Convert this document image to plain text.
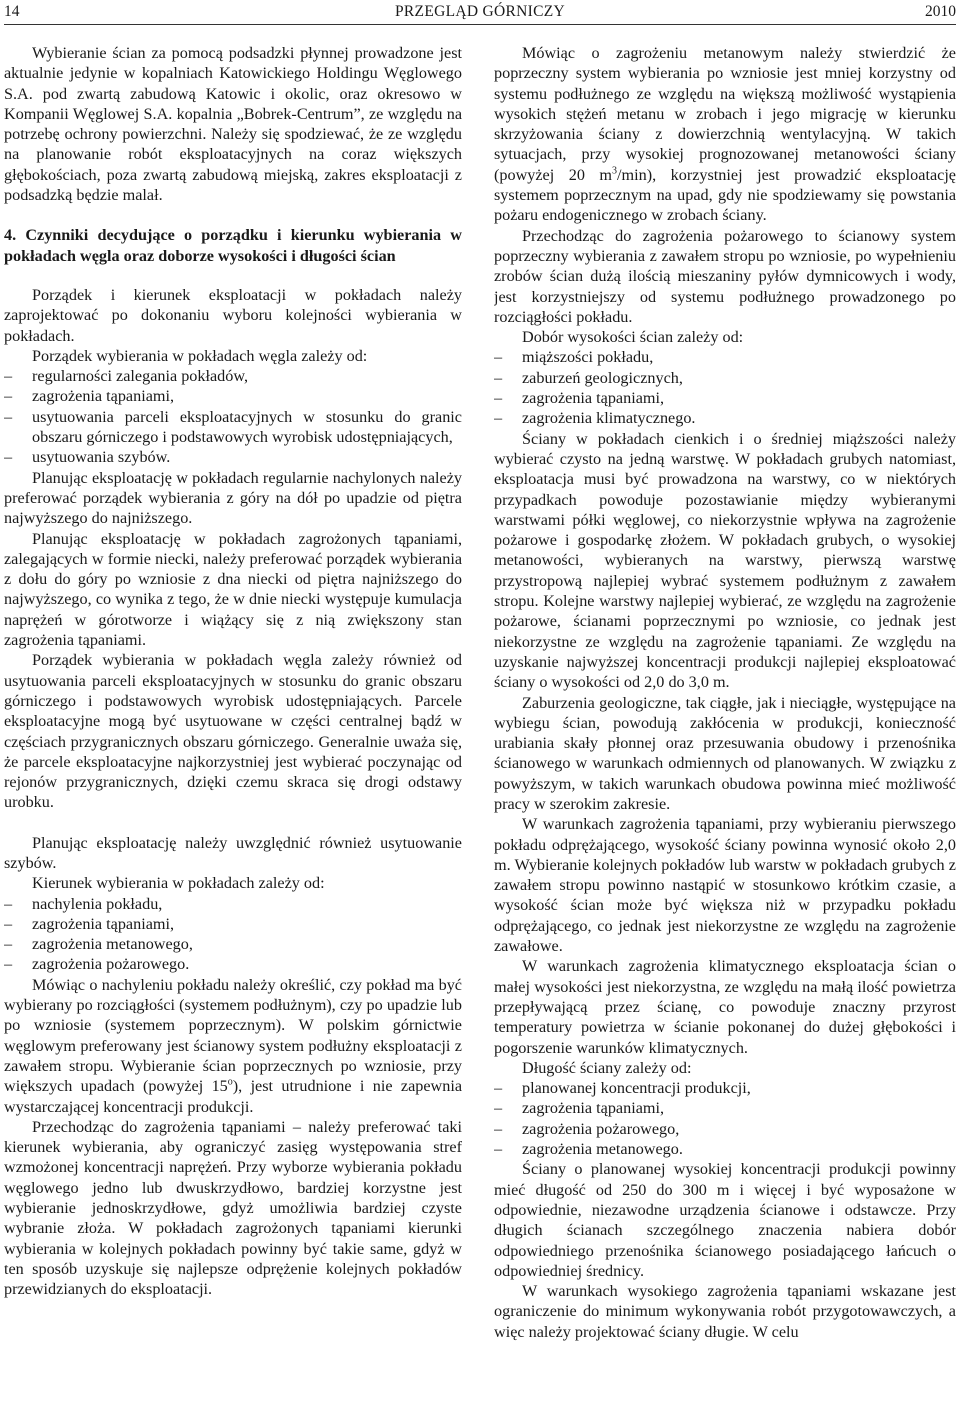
14	PRZEGLĄD GÓRNICZY	2010

Wybieranie ścian za pomocą podsadzki płynnej prowadzone jest aktualnie jedynie w kopalniach Katowickiego Holdingu Węglowego S.A. pod zwartą zabudową Katowic i okolic, oraz okresowo w Kompanii Węglowej S.A. kopalnia „Bobrek-Centrum”, ze względu na potrzebę ochrony powierzchni. Należy się spodziewać, że ze względu na planowanie robót eksploatacyjnych na coraz większych głębokościach, poza zwartą zabudową miejską, zakres eksploatacji z podsadzką będzie malał.

4. Czynniki decydujące o porządku i kierunku wybierania w pokładach węgla oraz doborze wysokości i długości ścian

Porządek i kierunek eksploatacji w pokładach należy zaprojektować po dokonaniu wyboru kolejności wybierania w pokładach.

Porządek wybierania w pokładach węgla zależy od:

– regularności zalegania pokładów,
– zagrożenia tąpaniami,
– usytuowania parceli eksploatacyjnych w stosunku do granic obszaru górniczego i podstawowych wyrobisk udostępniających,
– usytuowania szybów.

Planując eksploatację w pokładach regularnie nachylonych należy preferować porządek wybierania z góry na dół po upadzie od piętra najwyższego do najniższego.

Planując eksploatację w pokładach zagrożonych tąpaniami, zalegających w formie niecki, należy preferować porządek wybierania z dołu do góry po wzniosie z dna niecki od piętra najniższego do najwyższego, co wynika z tego, że w dnie niecki występuje kumulacja naprężeń w górotworze i wiążący się z nią zwiększony stan zagrożenia tąpaniami.

Porządek wybierania w pokładach węgla zależy również od usytuowania parceli eksploatacyjnych w stosunku do granic obszaru górniczego i podstawowych wyrobisk udostępniających. Parcele eksploatacyjne mogą być usytuowane w części centralnej bądź w częściach przygranicznych obszaru górniczego. Generalnie uważa się, że parcele eksploatacyjne najkorzystniej jest wybierać poczynając od rejonów przygranicznych, dzięki czemu skraca się drogi odstawy urobku.

Planując eksploatację należy uwzględnić również usytuowanie szybów.

Kierunek wybierania w pokładach zależy od:

– nachylenia pokładu,
– zagrożenia tąpaniami,
– zagrożenia metanowego,
– zagrożenia pożarowego.

Mówiąc o nachyleniu pokładu należy określić, czy pokład ma być wybierany po rozciągłości (systemem podłużnym), czy po upadzie lub po wzniosie (systemem poprzecznym). W polskim górnictwie węglowym preferowany jest ścianowy system podłużny eksploatacji z zawałem stropu. Wybieranie ścian poprzecznych po wzniosie, przy większych upadach (powyżej 15$^o$), jest utrudnione i nie zapewnia wystarczającej koncentracji produkcji.

Przechodząc do zagrożenia tąpaniami – należy preferować taki kierunek wybierania, aby ograniczyć zasięg występowania stref wzmożonej koncentracji naprężeń. Przy wyborze wybierania pokładu węglowego jedno lub dwuskrzydłowo, bardziej korzystne jest wybieranie jednoskrzydłowe, gdyż umożliwia bardziej czyste wybranie złoża. W pokładach zagrożonych tąpaniami kierunki wybierania w kolejnych pokładach powinny być takie same, gdyż w ten sposób uzyskuje się najlepsze odprężenie kolejnych pokładów przewidzianych do eksploatacji.

Mówiąc o zagrożeniu metanowym należy stwierdzić że poprzeczny system wybierania po wzniosie jest mniej korzystny od systemu podłużnego ze względu na większą możliwość wystąpienia wysokich stężeń metanu w zrobach i jego migrację w kierunku skrzyżowania ściany z dowierzchnią wentylacyjną. W takich sytuacjach, przy wysokiej prognozowanej metanowości ściany (powyżej 20 $m^3/\min$), korzystniej jest prowadzić eksploatację systemem poprzecznym na upad, gdy nie spodziewamy się powstania pożaru endogenicznego w zrobach ściany.

Przechodząc do zagrożenia pożarowego to ścianowy system poprzeczny wybierania z zawałem stropu po wzniosie, po wypełnieniu zrobów ścian dużą ilością mieszaniny pyłów dymnicowych i wody, jest korzystniejszy od systemu podłużnego prowadzonego po rozciągłości pokładu.

Dobór wysokości ścian zależy od:

– miąższości pokładu,
– zaburzeń geologicznych,
– zagrożenia tąpaniami,
– zagrożenia klimatycznego.

Ściany w pokładach cienkich i o średniej miąższości należy wybierać czysto na jedną warstwę. W pokładach grubych natomiast, eksploatacja musi być prowadzona na warstwy, co w niektórych przypadkach powoduje pozostawianie między wybieranymi warstwami półki węglowej, co niekorzystnie wpływa na zagrożenie pożarowe i gospodarkę złożem. W pokładach grubych, o wysokiej metanowości, wybieranych na warstwy, pierwszą warstwę przystropową najlepiej wybrać systemem podłużnym z zawałem stropu. Kolejne warstwy najlepiej wybierać, ze względu na zagrożenie pożarowe, ścianami poprzecznymi po wzniosie, co jednak jest niekorzystne ze względu na zagrożenie tąpaniami. Ze względu na uzyskanie najwyższej koncentracji produkcji najlepiej eksploatować ściany o wysokości od 2,0 do 3,0 m.

Zaburzenia geologiczne, tak ciągłe, jak i nieciągłe, występujące na wybiegu ścian, powodują zakłócenia w produkcji, konieczność urabiania skały płonnej oraz przesuwania obudowy i przenośnika ścianowego w warunkach odmiennych od planowanych. W związku z powyższym, w takich warunkach obudowa powinna mieć możliwość pracy w szerokim zakresie.

W warunkach zagrożenia tąpaniami, przy wybieraniu pierwszego pokładu odprężającego, wysokość ściany powinna wynosić około 2,0 m. Wybieranie kolejnych pokładów lub warstw w pokładach grubych z zawałem stropu powinno nastąpić w stosunkowo krótkim czasie, a wysokość ścian może być większa niż w przypadku pokładu odprężającego, co jednak jest niekorzystne ze względu na zagrożenie zawałowe.

W warunkach zagrożenia klimatycznego eksploatacja ścian o małej wysokości jest niekorzystna, ze względu na małą ilość powietrza przepływającą przez ścianę, co powoduje znaczny przyrost temperatury powietrza w ścianie pokonanej do dużej głębokości i pogorszenie warunków klimatycznych.

Długość ściany zależy od:

– planowanej koncentracji produkcji,
– zagrożenia tąpaniami,
– zagrożenia pożarowego,
– zagrożenia metanowego.

Ściany o planowanej wysokiej koncentracji produkcji powinny mieć długość od 250 do 300 m i więcej i być wyposażone w odpowiednie, niezawodne urządzenia ścianowe i odstawcze. Przy długich ścianach szczególnego znaczenia nabiera dobór odpowiedniego przenośnika ścianowego posiadającego łańcuch o odpowiedniej średnicy.

W warunkach wysokiego zagrożenia tąpaniami wskazane jest ograniczenie do minimum wykonywania robót przygotowawczych, a więc należy projektować ściany długie. W celu
